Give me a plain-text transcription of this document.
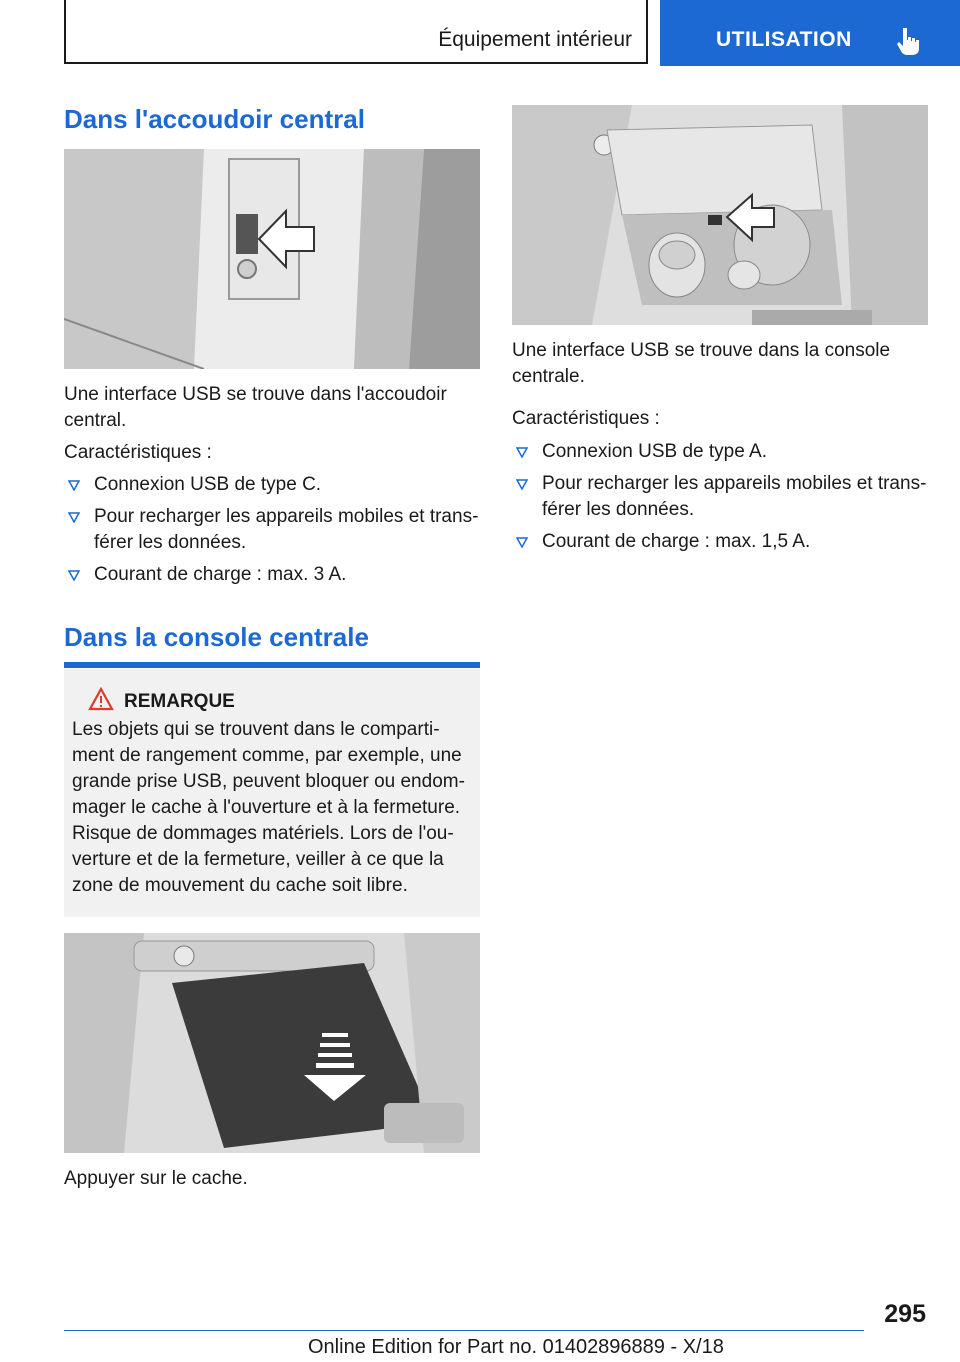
Équipement intérieur	UTILISATION
Dans l'accoudoir central

Une interface USB se trouve dans l'accoudoir central.

Caractéristiques :

Connexion USB de type C.
Pour recharger les appareils mobiles et transférer les données.
Courant de charge : max. 3 A.
Dans la console centrale
REMARQUE

Les objets qui se trouvent dans le compartiment de rangement comme, par exemple, une grande prise USB, peuvent bloquer ou endommager le cache à l'ouverture et à la fermeture. Risque de dommages matériels. Lors de l'ouverture et de la fermeture, veiller à ce que la zone de mouvement du cache soit libre.

Appuyer sur le cache.

Une interface USB se trouve dans la console centrale.

Caractéristiques :

Connexion USB de type A.
Pour recharger les appareils mobiles et transférer les données.
Courant de charge : max. 1,5 A.
295
Online Edition for Part no. 01402896889 - X/18
